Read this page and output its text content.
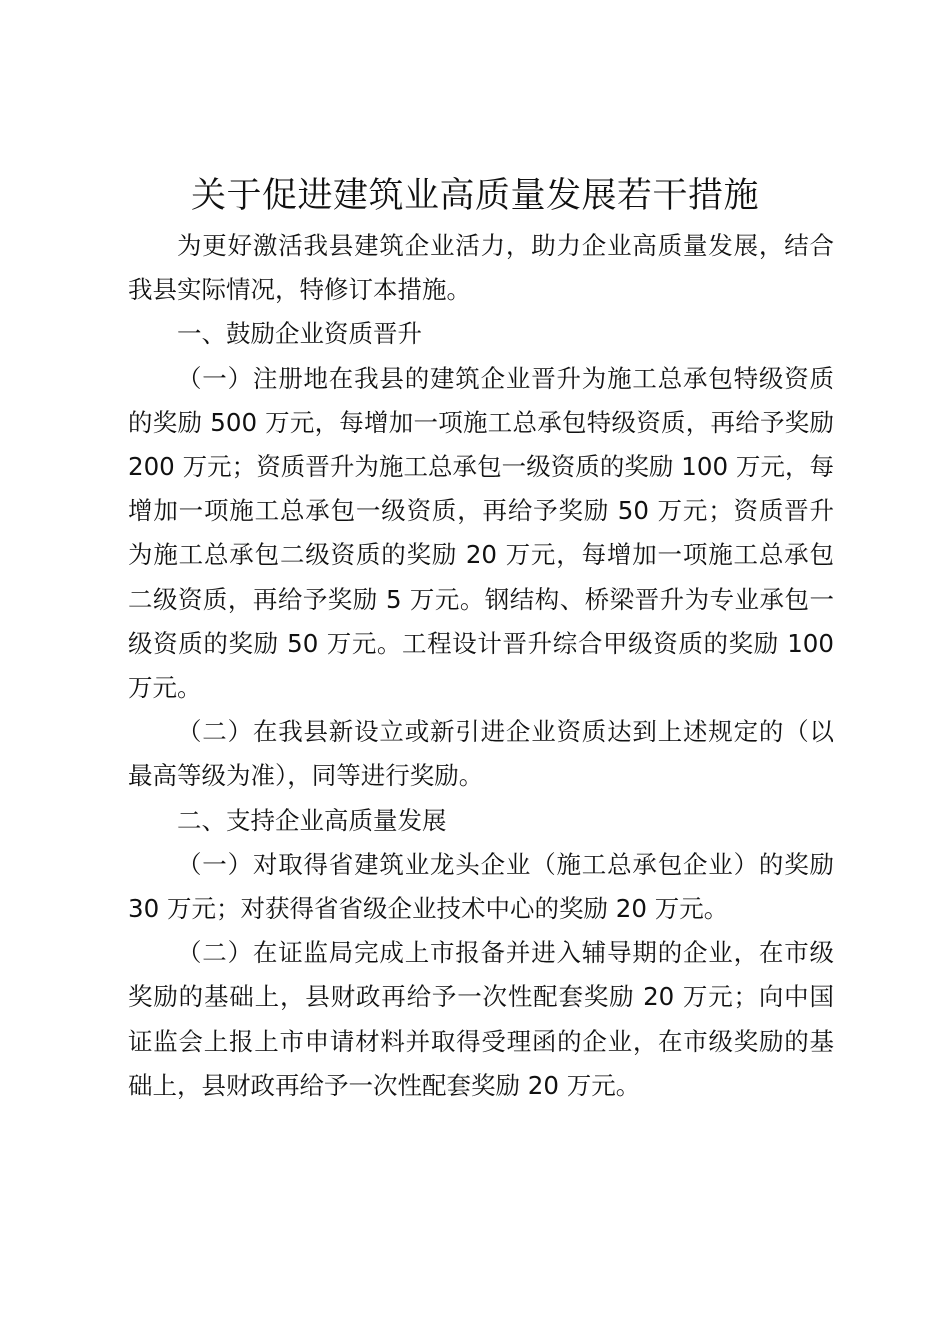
关于促进建筑业高质量发展若干措施

为更好激活我县建筑企业活力，助力企业高质量发展，结合我县实际情况，特修订本措施。

一、鼓励企业资质晋升

（一）注册地在我县的建筑企业晋升为施工总承包特级资质的奖励 500 万元，每增加一项施工总承包特级资质，再给予奖励 200 万元；资质晋升为施工总承包一级资质的奖励 100 万元，每增加一项施工总承包一级资质，再给予奖励 50 万元；资质晋升为施工总承包二级资质的奖励 20 万元，每增加一项施工总承包二级资质，再给予奖励 5 万元。钢结构、桥梁晋升为专业承包一级资质的奖励 50 万元。工程设计晋升综合甲级资质的奖励 100 万元。

（二）在我县新设立或新引进企业资质达到上述规定的（以最高等级为准），同等进行奖励。

二、支持企业高质量发展

（一）对取得省建筑业龙头企业（施工总承包企业）的奖励 30 万元；对获得省省级企业技术中心的奖励 20 万元。

（二）在证监局完成上市报备并进入辅导期的企业，在市级奖励的基础上，县财政再给予一次性配套奖励 20 万元；向中国证监会上报上市申请材料并取得受理函的企业，在市级奖励的基础上，县财政再给予一次性配套奖励 20 万元。
